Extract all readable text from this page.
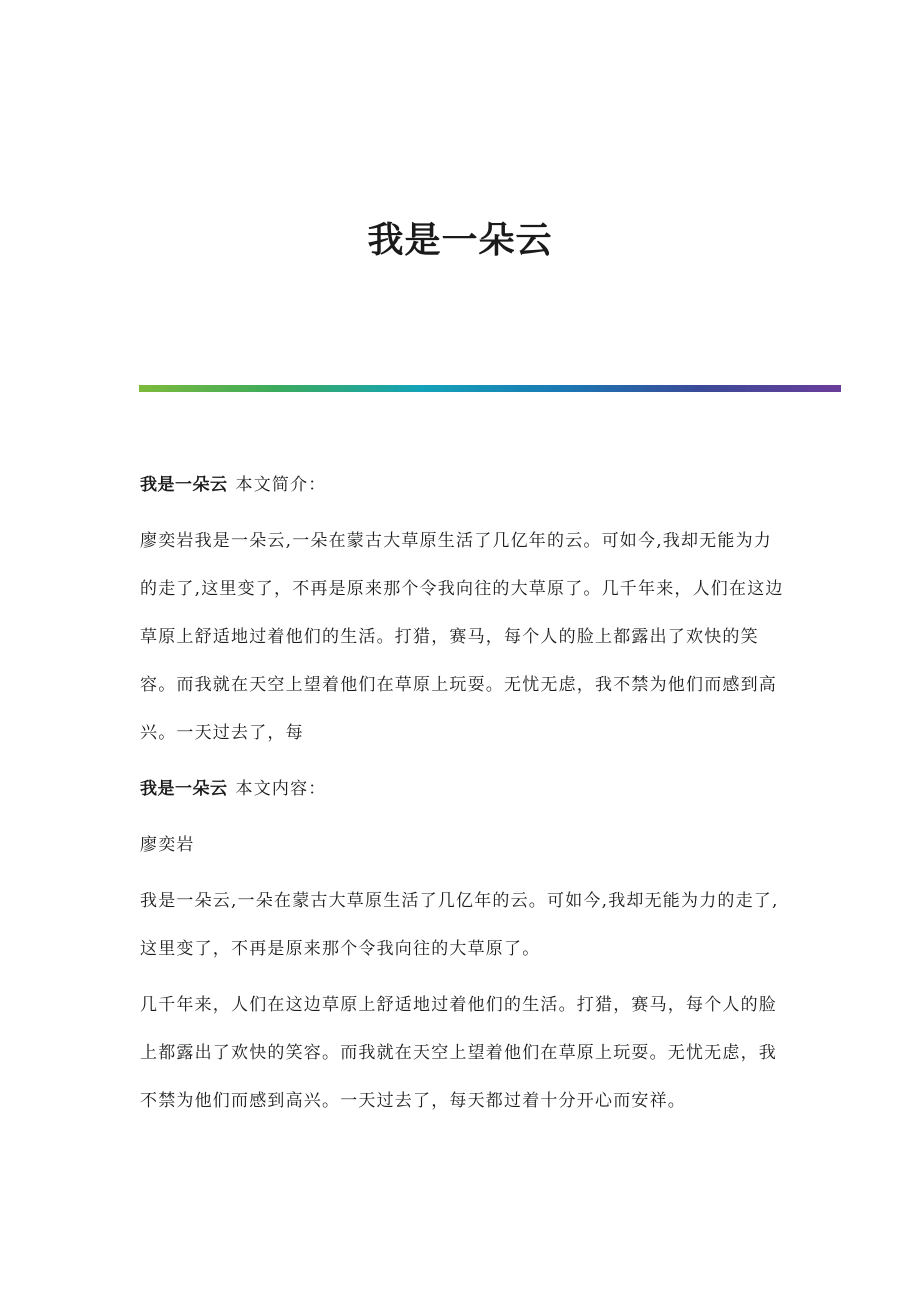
我是一朵云

我是一朵云 本文简介：

廖奕岩我是一朵云,一朵在蒙古大草原生活了几亿年的云。可如今,我却无能为力的走了,这里变了，不再是原来那个令我向往的大草原了。几千年来，人们在这边草原上舒适地过着他们的生活。打猎，赛马，每个人的脸上都露出了欢快的笑容。而我就在天空上望着他们在草原上玩耍。无忧无虑，我不禁为他们而感到高兴。一天过去了，每

我是一朵云 本文内容：

廖奕岩

我是一朵云,一朵在蒙古大草原生活了几亿年的云。可如今,我却无能为力的走了,这里变了，不再是原来那个令我向往的大草原了。

几千年来，人们在这边草原上舒适地过着他们的生活。打猎，赛马，每个人的脸上都露出了欢快的笑容。而我就在天空上望着他们在草原上玩耍。无忧无虑，我不禁为他们而感到高兴。一天过去了，每天都过着十分开心而安祥。
